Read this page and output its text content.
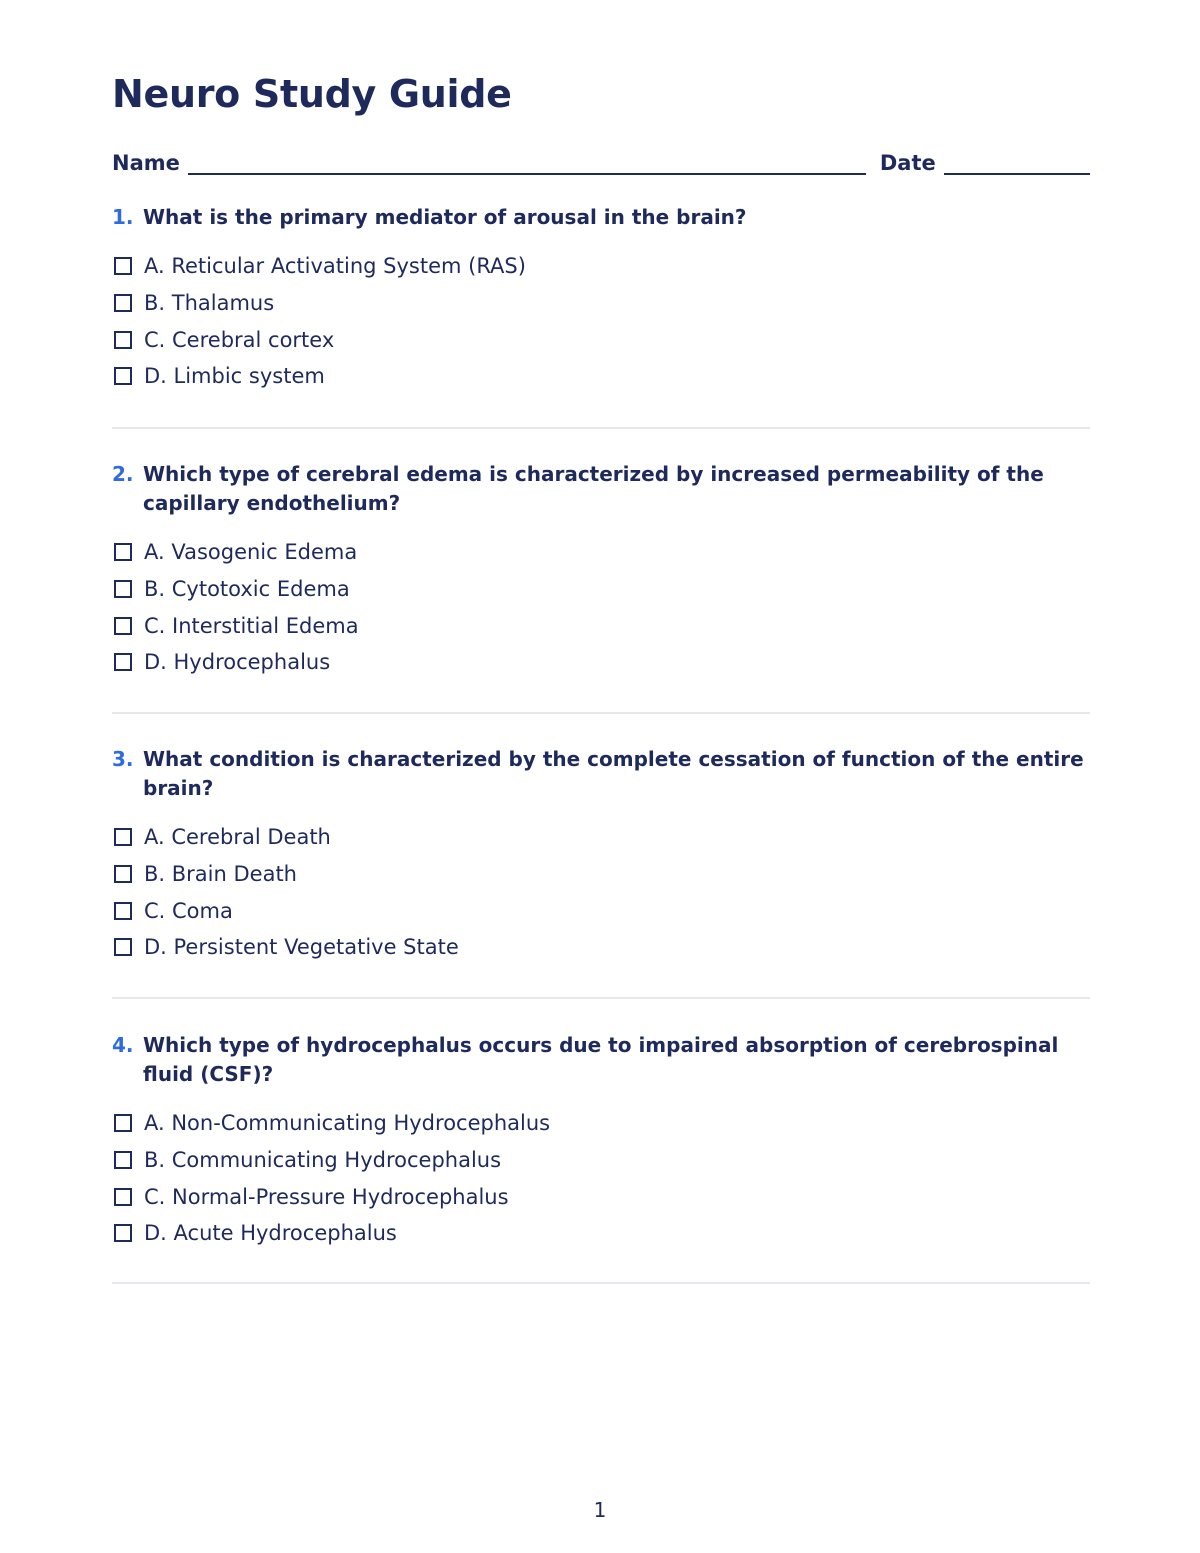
Neuro Study Guide
Name	Date
1. What is the primary mediator of arousal in the brain?
A. Reticular Activating System (RAS)
B. Thalamus
C. Cerebral cortex
D. Limbic system
2. Which type of cerebral edema is characterized by increased permeability of the capillary endothelium?
A. Vasogenic Edema
B. Cytotoxic Edema
C. Interstitial Edema
D. Hydrocephalus
3. What condition is characterized by the complete cessation of function of the entire brain?
A. Cerebral Death
B. Brain Death
C. Coma
D. Persistent Vegetative State
4. Which type of hydrocephalus occurs due to impaired absorption of cerebrospinal fluid (CSF)?
A. Non-Communicating Hydrocephalus
B. Communicating Hydrocephalus
C. Normal-Pressure Hydrocephalus
D. Acute Hydrocephalus
1
